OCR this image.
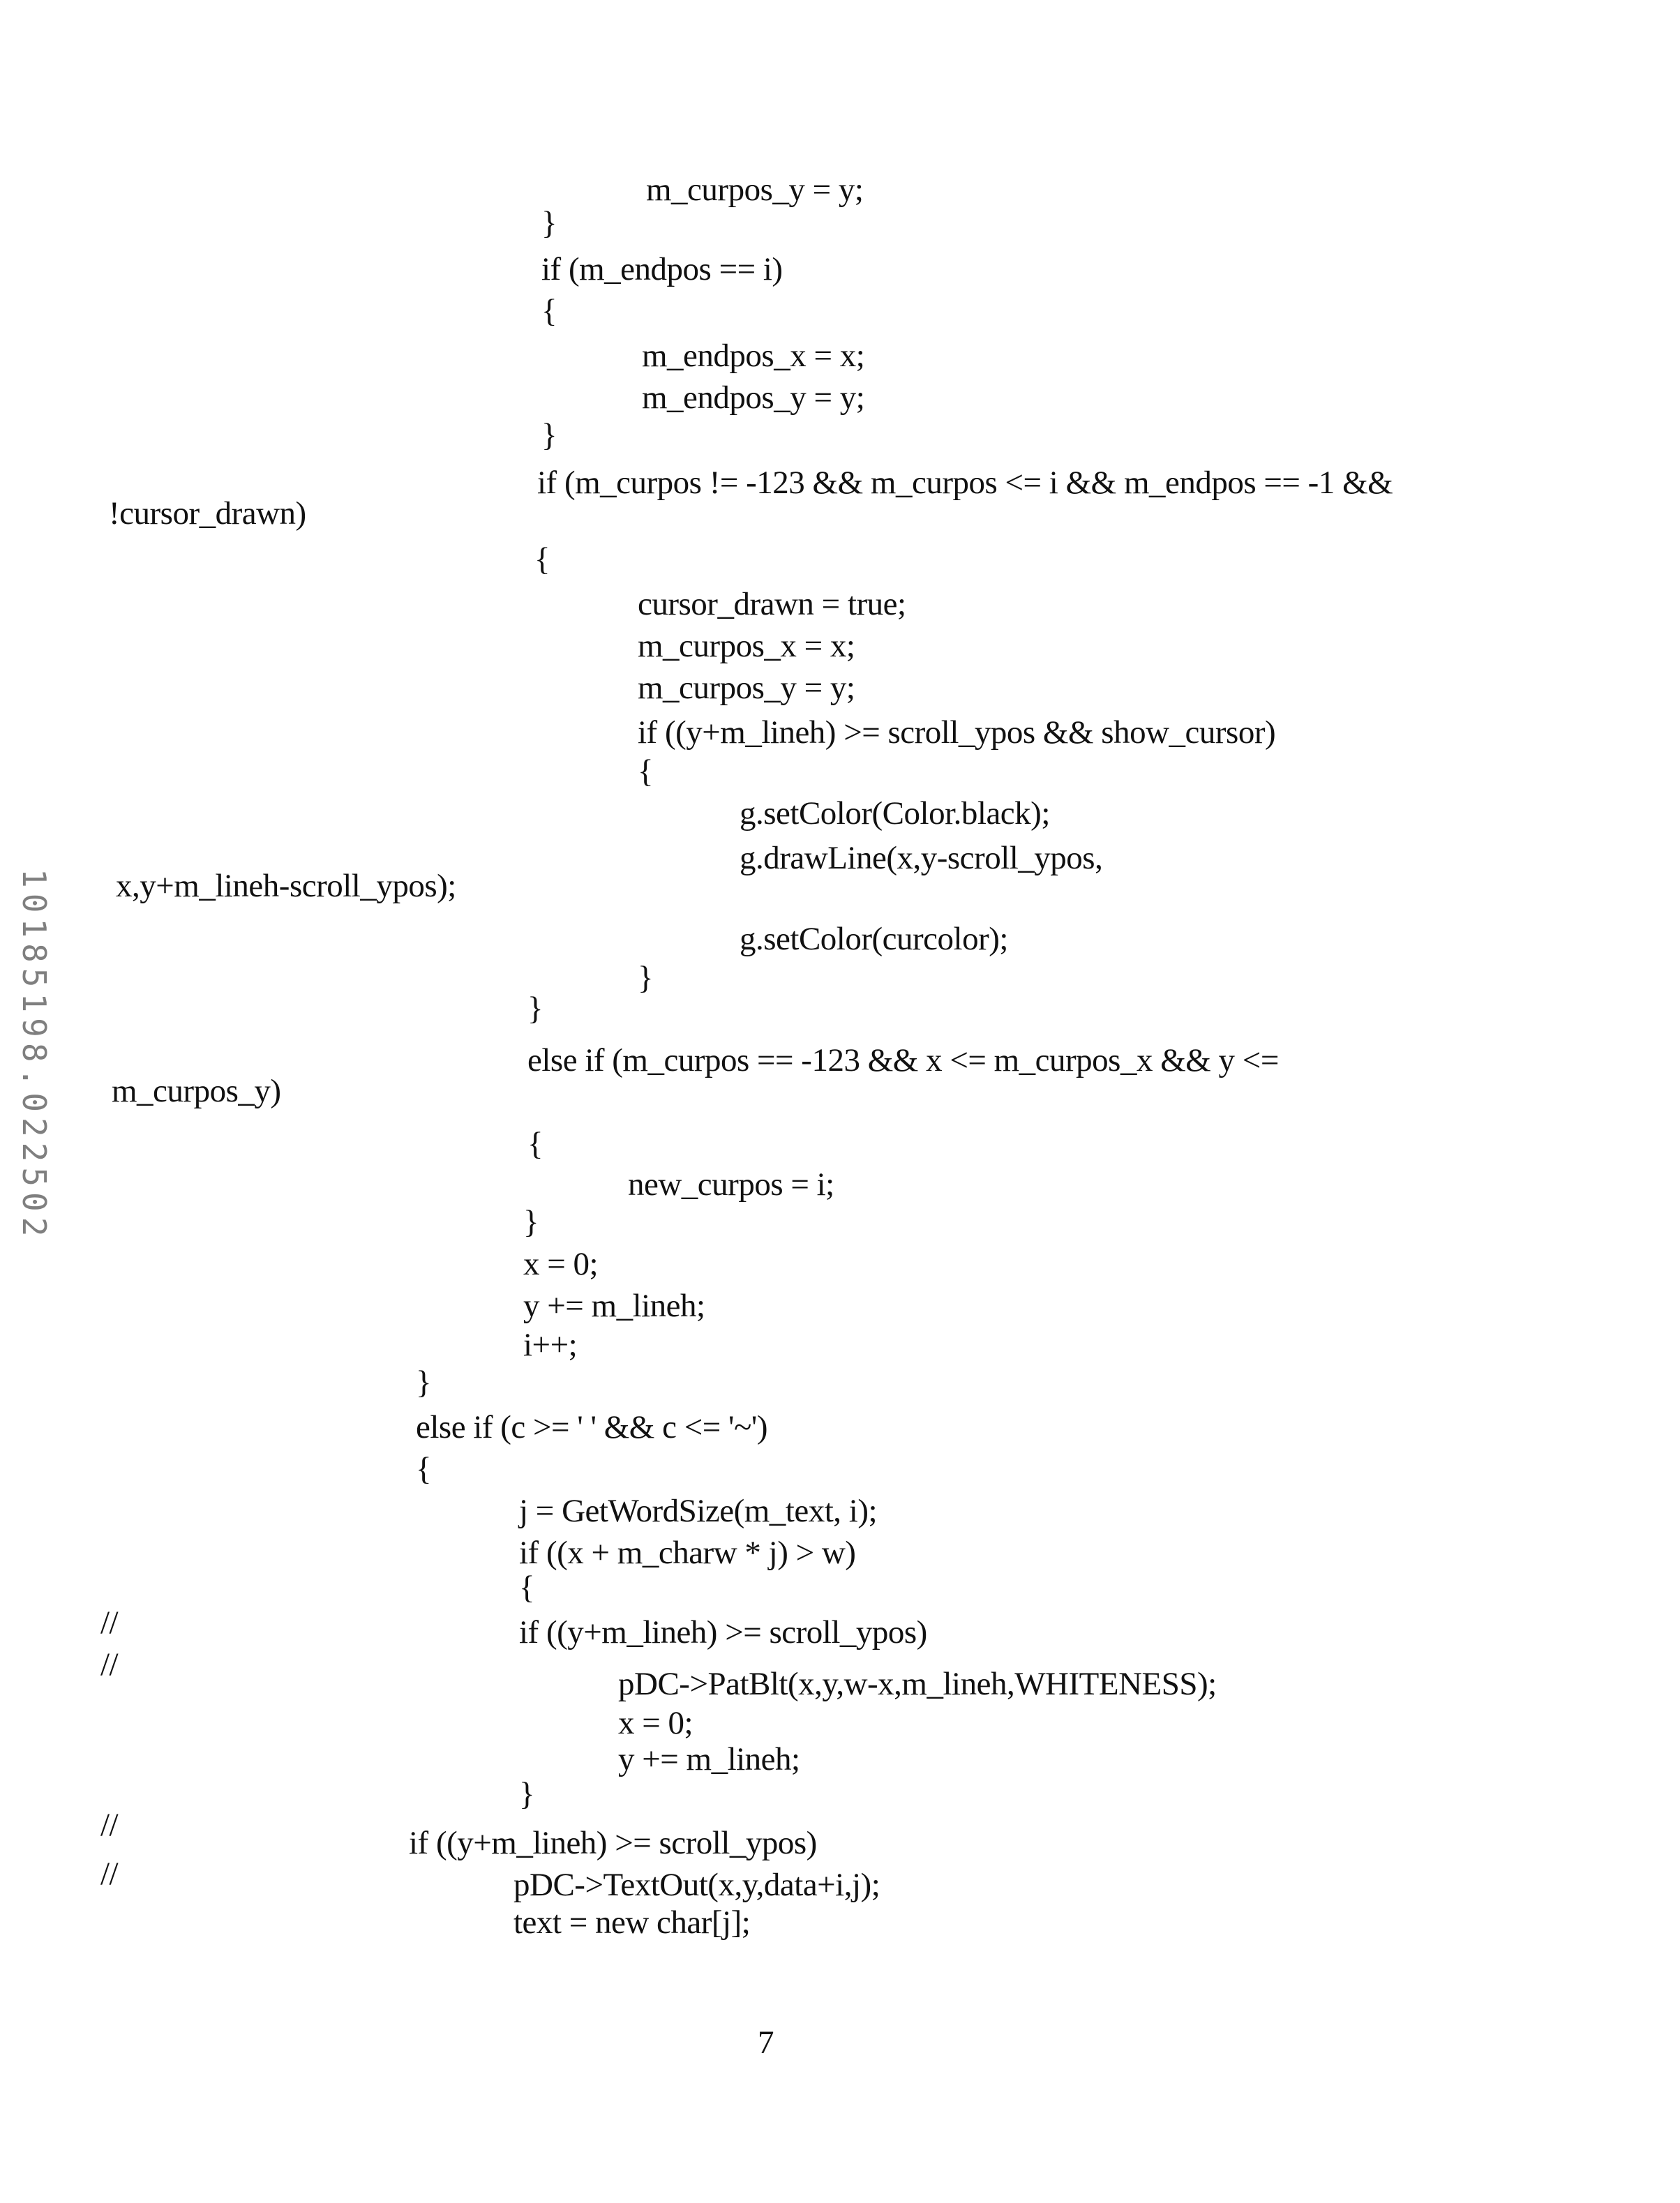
10185198.022502
m_curpos_y = y;
}
if (m_endpos == i)
{
m_endpos_x = x;
m_endpos_y = y;
}
if (m_curpos != -123 && m_curpos <= i && m_endpos == -1 &&
!cursor_drawn)
{
cursor_drawn = true;
m_curpos_x = x;
m_curpos_y = y;
if ((y+m_lineh) >= scroll_ypos && show_cursor)
{
g.setColor(Color.black);
g.drawLine(x,y-scroll_ypos,
x,y+m_lineh-scroll_ypos);
g.setColor(curcolor);
}
}
else if (m_curpos == -123 && x <= m_curpos_x && y <=
m_curpos_y)
{
new_curpos = i;
}
x = 0;
y += m_lineh;
i++;
}
else if (c >= ' ' && c <= '~')
{
j = GetWordSize(m_text, i);
if ((x + m_charw * j) > w)
{
if ((y+m_lineh) >= scroll_ypos)
pDC->PatBlt(x,y,w-x,m_lineh,WHITENESS);
x = 0;
y += m_lineh;
}
if ((y+m_lineh) >= scroll_ypos)
pDC->TextOut(x,y,data+i,j);
text = new char[j];
//
//
//
//
7
